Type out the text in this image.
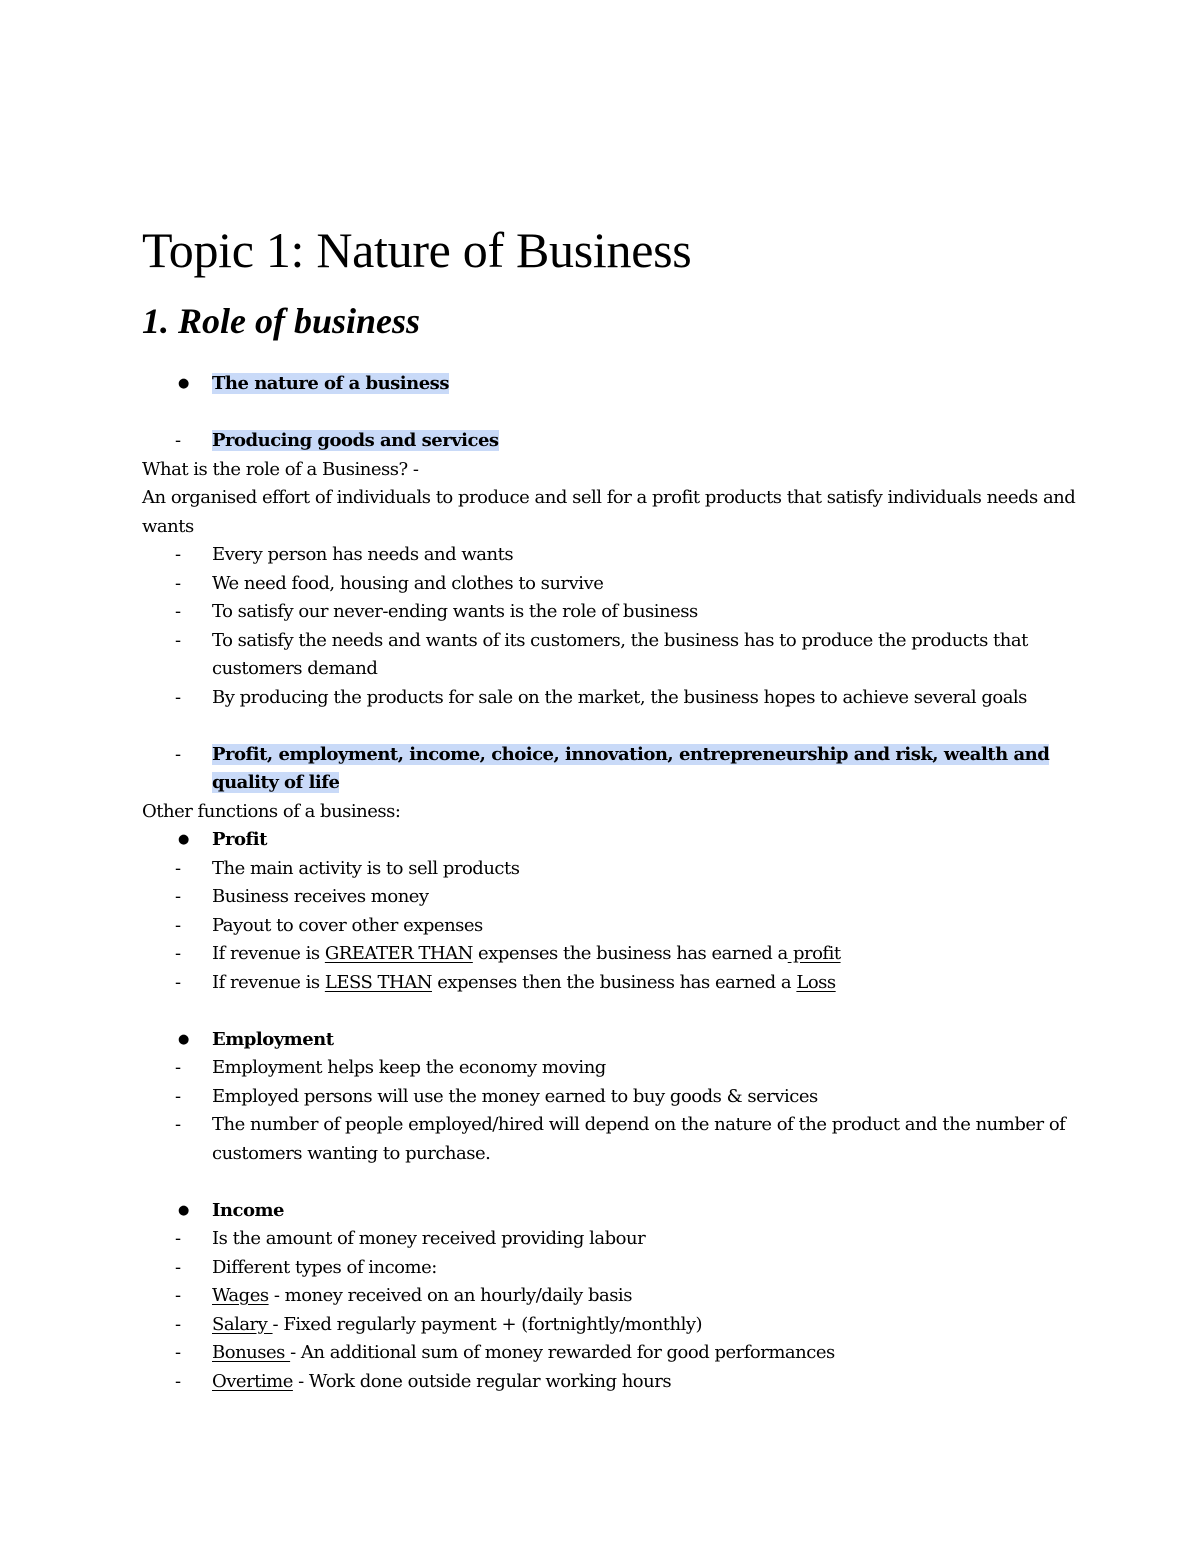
Topic 1: Nature of Business
1. Role of business
● The nature of a business
- Producing goods and services
What is the role of a Business? -
An organised effort of individuals to produce and sell for a profit products that satisfy individuals needs and wants
- Every person has needs and wants
- We need food, housing and clothes to survive
- To satisfy our never-ending wants is the role of business
- To satisfy the needs and wants of its customers, the business has to produce the products that customers demand
- By producing the products for sale on the market, the business hopes to achieve several goals
- Profit, employment, income, choice, innovation, entrepreneurship and risk, wealth and quality of life
Other functions of a business:
● Profit
- The main activity is to sell products
- Business receives money
- Payout to cover other expenses
- If revenue is GREATER THAN expenses the business has earned a profit
- If revenue is LESS THAN expenses then the business has earned a Loss
● Employment
- Employment helps keep the economy moving
- Employed persons will use the money earned to buy goods & services
- The number of people employed/hired will depend on the nature of the product and the number of customers wanting to purchase.
● Income
- Is the amount of money received providing labour
- Different types of income:
- Wages - money received on an hourly/daily basis
- Salary - Fixed regularly payment + (fortnightly/monthly)
- Bonuses - An additional sum of money rewarded for good performances
- Overtime - Work done outside regular working hours
